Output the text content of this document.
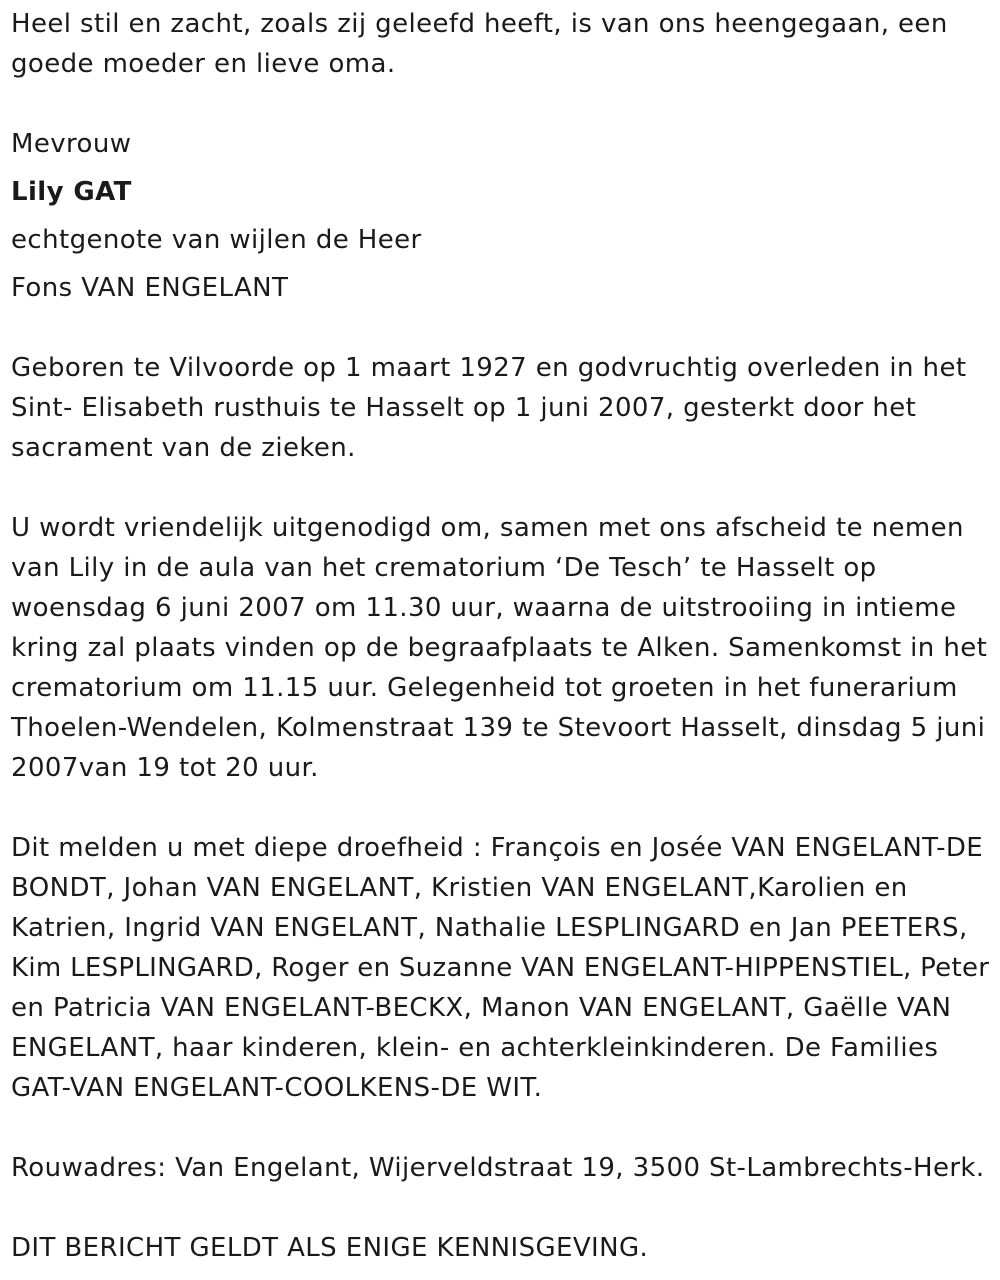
Heel stil en zacht, zoals zij geleefd heeft, is van ons heengegaan, een
goede moeder en lieve oma.
Mevrouw
Lily GAT
echtgenote van wijlen de Heer
Fons VAN ENGELANT
Geboren te Vilvoorde op 1 maart 1927 en godvruchtig overleden in het
Sint- Elisabeth rusthuis te Hasselt op 1 juni 2007, gesterkt door het
sacrament van de zieken.
U wordt vriendelijk uitgenodigd om, samen met ons afscheid te nemen
van Lily in de aula van het crematorium ‘De Tesch’ te Hasselt op
woensdag 6 juni 2007 om 11.30 uur, waarna de uitstrooiing in intieme
kring zal plaats vinden op de begraafplaats te Alken. Samenkomst in het
crematorium om 11.15 uur. Gelegenheid tot groeten in het funerarium
Thoelen-Wendelen, Kolmenstraat 139 te Stevoort Hasselt, dinsdag 5 juni
2007van 19 tot 20 uur.
Dit melden u met diepe droefheid : François en Josée VAN ENGELANT-DE
BONDT, Johan VAN ENGELANT, Kristien VAN ENGELANT,Karolien en
Katrien, Ingrid VAN ENGELANT, Nathalie LESPLINGARD en Jan PEETERS,
Kim LESPLINGARD, Roger en Suzanne VAN ENGELANT-HIPPENSTIEL, Peter
en Patricia VAN ENGELANT-BECKX, Manon VAN ENGELANT, Gaëlle VAN
ENGELANT, haar kinderen, klein- en achterkleinkinderen. De Families
GAT-VAN ENGELANT-COOLKENS-DE WIT.
Rouwadres: Van Engelant, Wijerveldstraat 19, 3500 St-Lambrechts-Herk.
DIT BERICHT GELDT ALS ENIGE KENNISGEVING.
